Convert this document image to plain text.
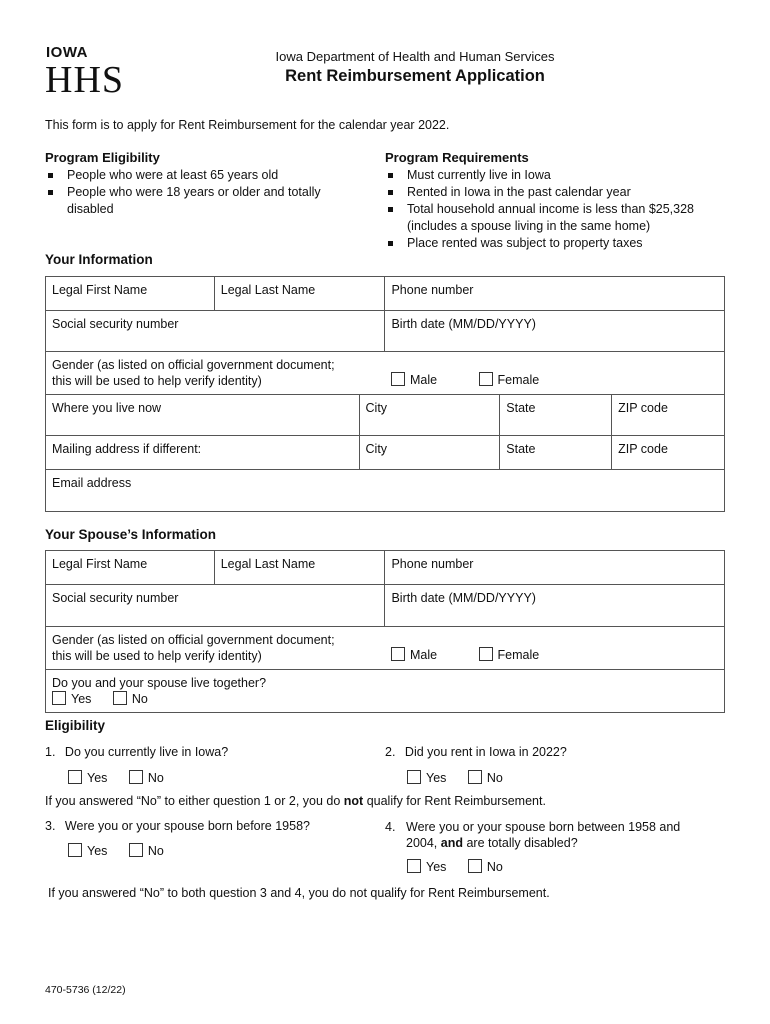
IOWA
HHS
Iowa Department of Health and Human Services
Rent Reimbursement Application
This form is to apply for Rent Reimbursement for the calendar year 2022.
Program Eligibility
People who were at least 65 years old
People who were 18 years or older and totally disabled
Program Requirements
Must currently live in Iowa
Rented in Iowa in the past calendar year
Total household annual income is less than $25,328 (includes a spouse living in the same home)
Place rented was subject to property taxes
Your Information
Legal First Name	Legal Last Name		Phone number		
Social security number			Birth date (MM/DD/YYYY)		

Gender (as listed on official government document;
this will be used to help verify identity)			Male Female		
Where you live now		City		State	ZIP code
Mailing address if different:		City		State	ZIP code
Email address					
Your Spouse’s Information
Legal First Name	Legal Last Name	Phone number
Social security number		Birth date (MM/DD/YYYY)

Gender (as listed on official government document;
this will be used to help verify identity)		Male Female

Do you and your spouse live together?
Yes No		
Eligibility
1. Do you currently live in Iowa?
Yes	No
2. Did you rent in Iowa in 2022?
Yes	No
If you answered “No” to either question 1 or 2, you do not qualify for Rent Reimbursement.
3. Were you or your spouse born before 1958?
Yes	No
4. Were you or your spouse born between 1958 and 2004, and are totally disabled?
Yes	No
If you answered “No” to both question 3 and 4, you do not qualify for Rent Reimbursement.
470-5736 (12/22)
